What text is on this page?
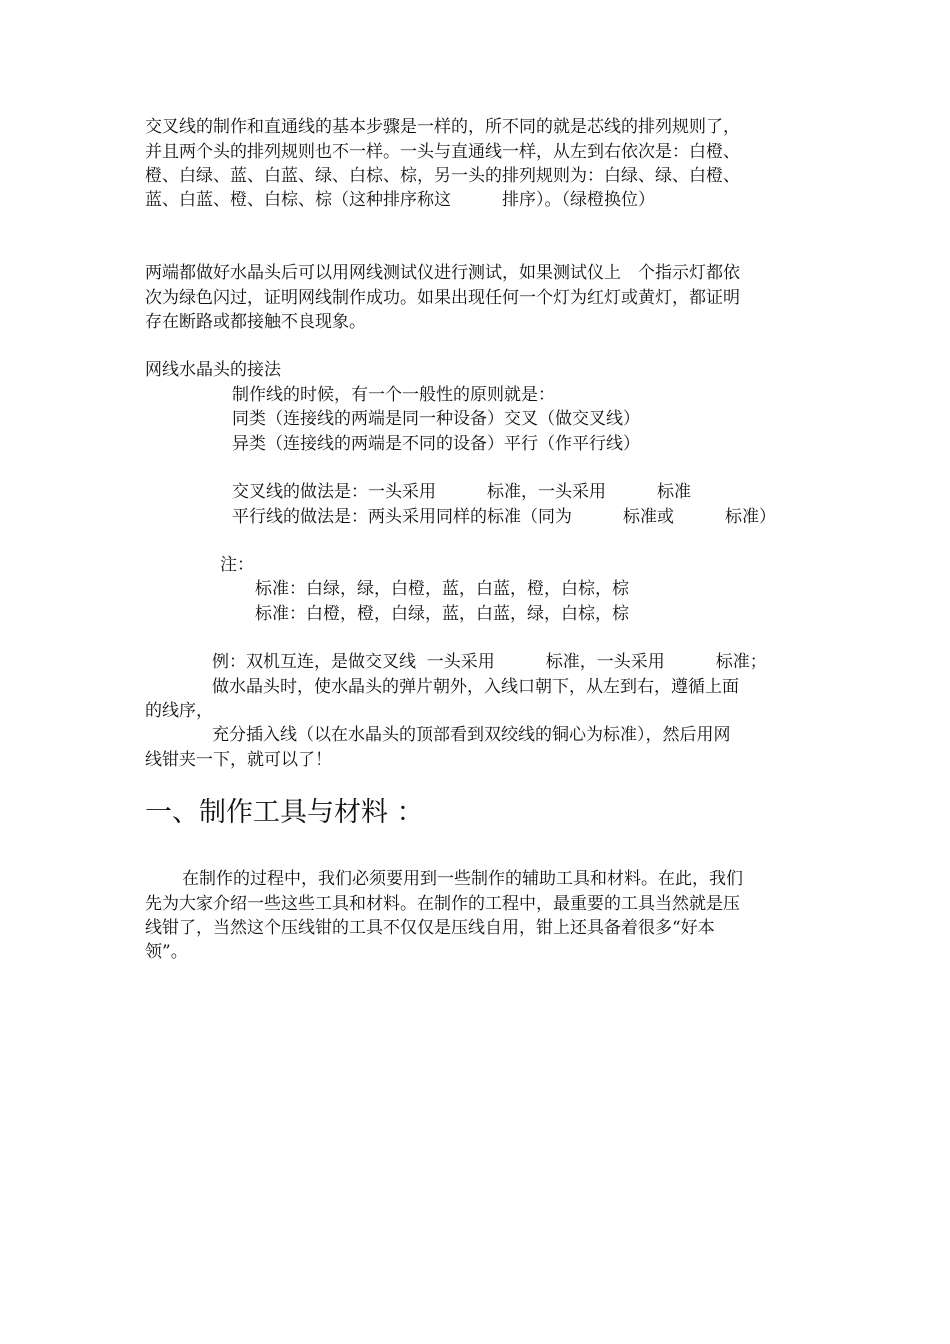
交叉线的制作和直通线的基本步骤是一样的，所不同的就是芯线的排列规则了，
并且两个头的排列规则也不一样。一头与直通线一样，从左到右依次是：白橙、
橙、白绿、蓝、白蓝、绿、白棕、棕，另一头的排列规则为：白绿、绿、白橙、
蓝、白蓝、橙、白棕、棕（这种排序称这　　　排序）。（绿橙换位）
两端都做好水晶头后可以用网线测试仪进行测试，如果测试仪上　个指示灯都依
次为绿色闪过，证明网线制作成功。如果出现任何一个灯为红灯或黄灯，都证明
存在断路或都接触不良现象。
网线水晶头的接法
制作线的时候，有一个一般性的原则就是：
同类（连接线的两端是同一种设备）交叉（做交叉线）
异类（连接线的两端是不同的设备）平行（作平行线）
交叉线的做法是：一头采用　　　标准，一头采用　　　标准
平行线的做法是：两头采用同样的标准（同为　　　标准或　　　标准）
注：
标准：白绿，绿，白橙，蓝，白蓝，橙，白棕，棕
标准：白橙，橙，白绿，蓝，白蓝，绿，白棕，棕
例：双机互连，是做交叉线  一头采用　　　标准，一头采用　　　标准；
做水晶头时，使水晶头的弹片朝外，入线口朝下，从左到右，遵循上面
的线序，
充分插入线（以在水晶头的顶部看到双绞线的铜心为标准），然后用网
线钳夹一下，就可以了！
一、制作工具与材料 ：
在制作的过程中，我们必须要用到一些制作的辅助工具和材料。在此，我们
先为大家介绍一些这些工具和材料。在制作的工程中，最重要的工具当然就是压
线钳了，当然这个压线钳的工具不仅仅是压线自用，钳上还具备着很多“好本
领”。
